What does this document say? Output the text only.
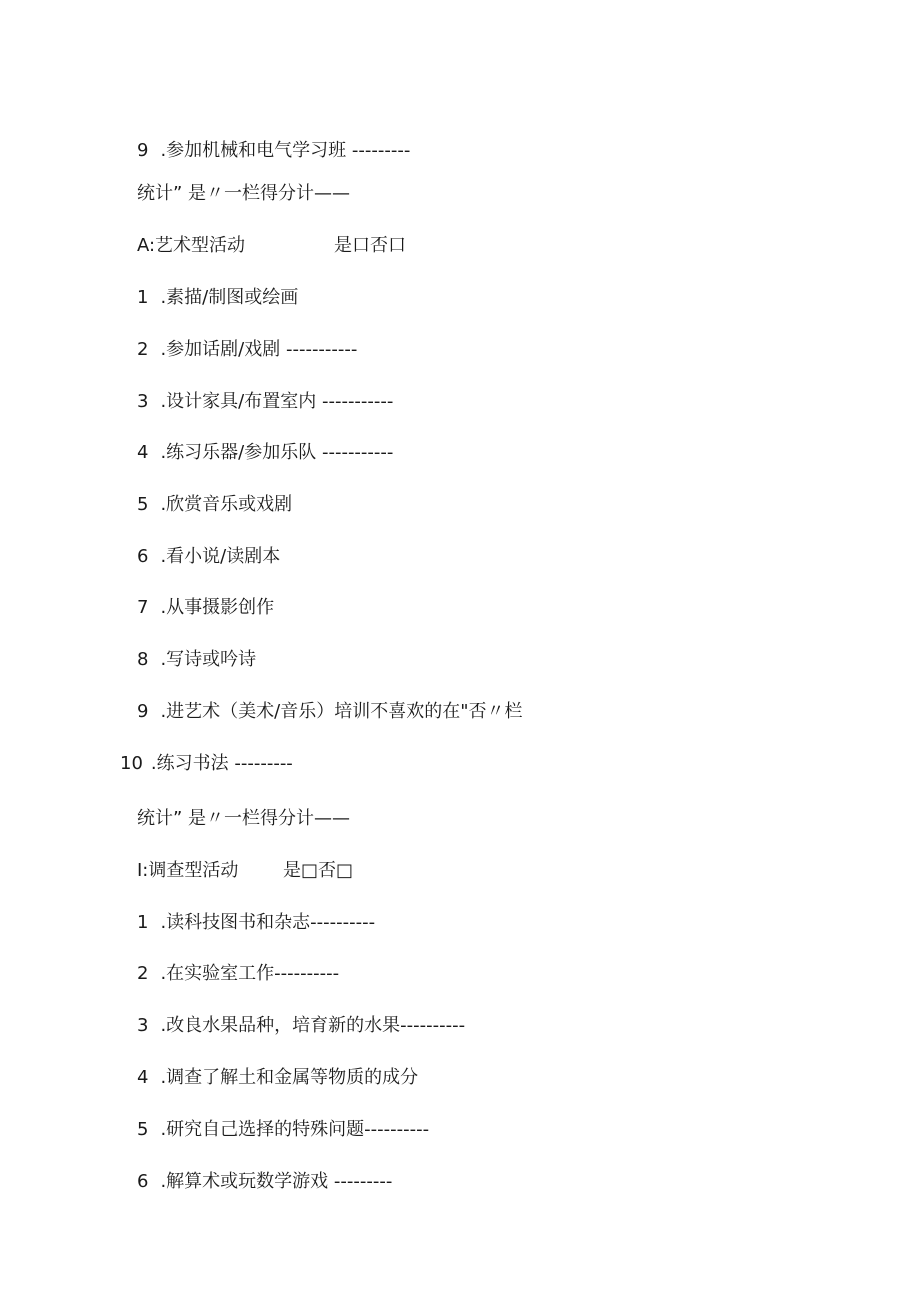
9 .参加机械和电气学习班 ---------
统计” 是〃一栏得分计——
A:艺术型活动	是口否口
1 .素描/制图或绘画
2 .参加话剧/戏剧 -----------
3 .设计家具/布置室内 -----------
4 .练习乐器/参加乐队 -----------
5 .欣赏音乐或戏剧
6 .看小说/读剧本
7 .从事摄影创作
8 .写诗或吟诗
9 .进艺术（美术/音乐）培训不喜欢的在"否〃栏
10 .练习书法 ---------
统计” 是〃一栏得分计——
I:调查型活动 是□否□
1 .读科技图书和杂志----------
2 .在实验室工作----------
3 .改良水果品种，培育新的水果----------
4 .调查了解土和金属等物质的成分
5 .研究自己选择的特殊问题----------
6 .解算术或玩数学游戏 ---------
